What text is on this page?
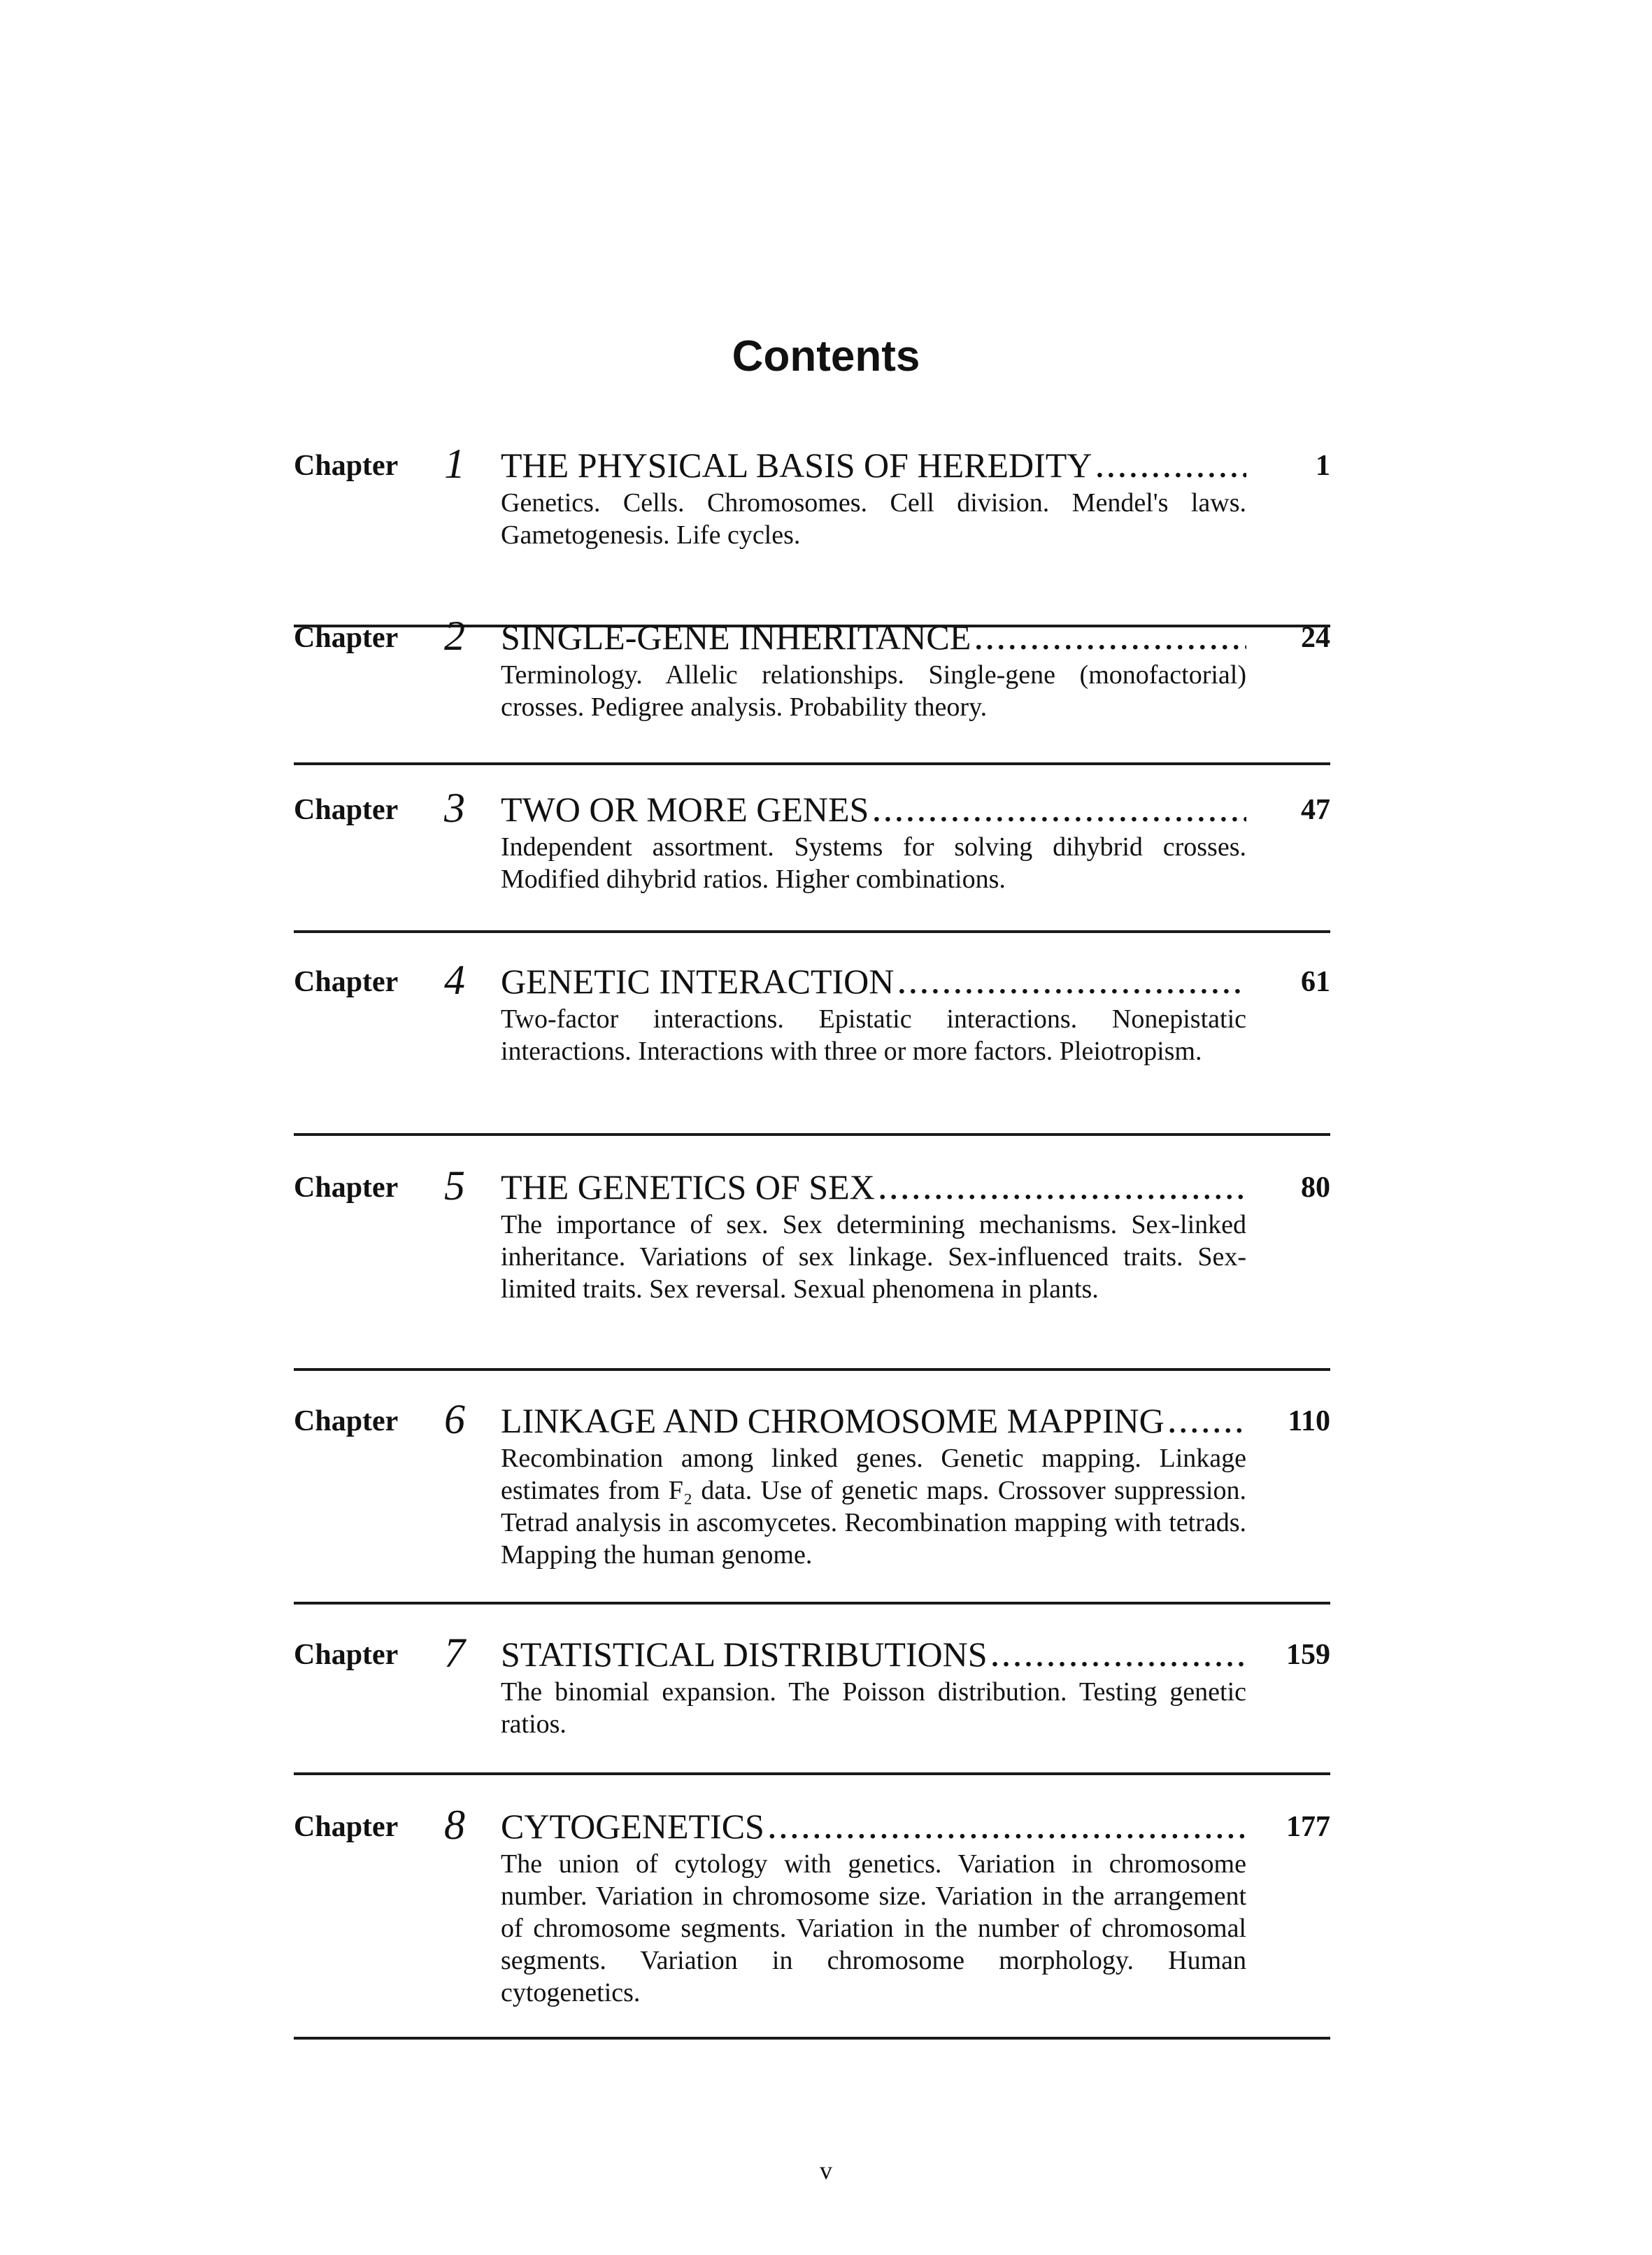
Contents
Chapter	1	THE PHYSICAL BASIS OF HEREDITY . . .	1
Genetics. Cells. Chromosomes. Cell division. Mendel's laws. Gametogenesis. Life cycles.
Chapter	2	SINGLE-GENE INHERITANCE . . .	24
Terminology. Allelic relationships. Single-gene (monofactorial) crosses. Pedigree analysis. Probability theory.
Chapter	3	TWO OR MORE GENES . . .	47
Independent assortment. Systems for solving dihybrid crosses. Modified dihybrid ratios. Higher combinations.
Chapter	4	GENETIC INTERACTION . . .	61
Two-factor interactions. Epistatic interactions. Nonepistatic interactions. Interactions with three or more factors. Pleiotropism.
Chapter	5	THE GENETICS OF SEX . . .	80
The importance of sex. Sex determining mechanisms. Sex-linked inheritance. Variations of sex linkage. Sex-influenced traits. Sex-limited traits. Sex reversal. Sexual phenomena in plants.
Chapter	6	LINKAGE AND CHROMOSOME MAPPING . . .	110
Recombination among linked genes. Genetic mapping. Linkage estimates from F₂ data. Use of genetic maps. Crossover suppression. Tetrad analysis in ascomycetes. Recombination mapping with tetrads. Mapping the human genome.
Chapter	7	STATISTICAL DISTRIBUTIONS . . .	159
The binomial expansion. The Poisson distribution. Testing genetic ratios.
Chapter	8	CYTOGENETICS . . .	177
The union of cytology with genetics. Variation in chromosome number. Variation in chromosome size. Variation in the arrangement of chromosome segments. Variation in the number of chromosomal segments. Variation in chromosome morphology. Human cytogenetics.
v
